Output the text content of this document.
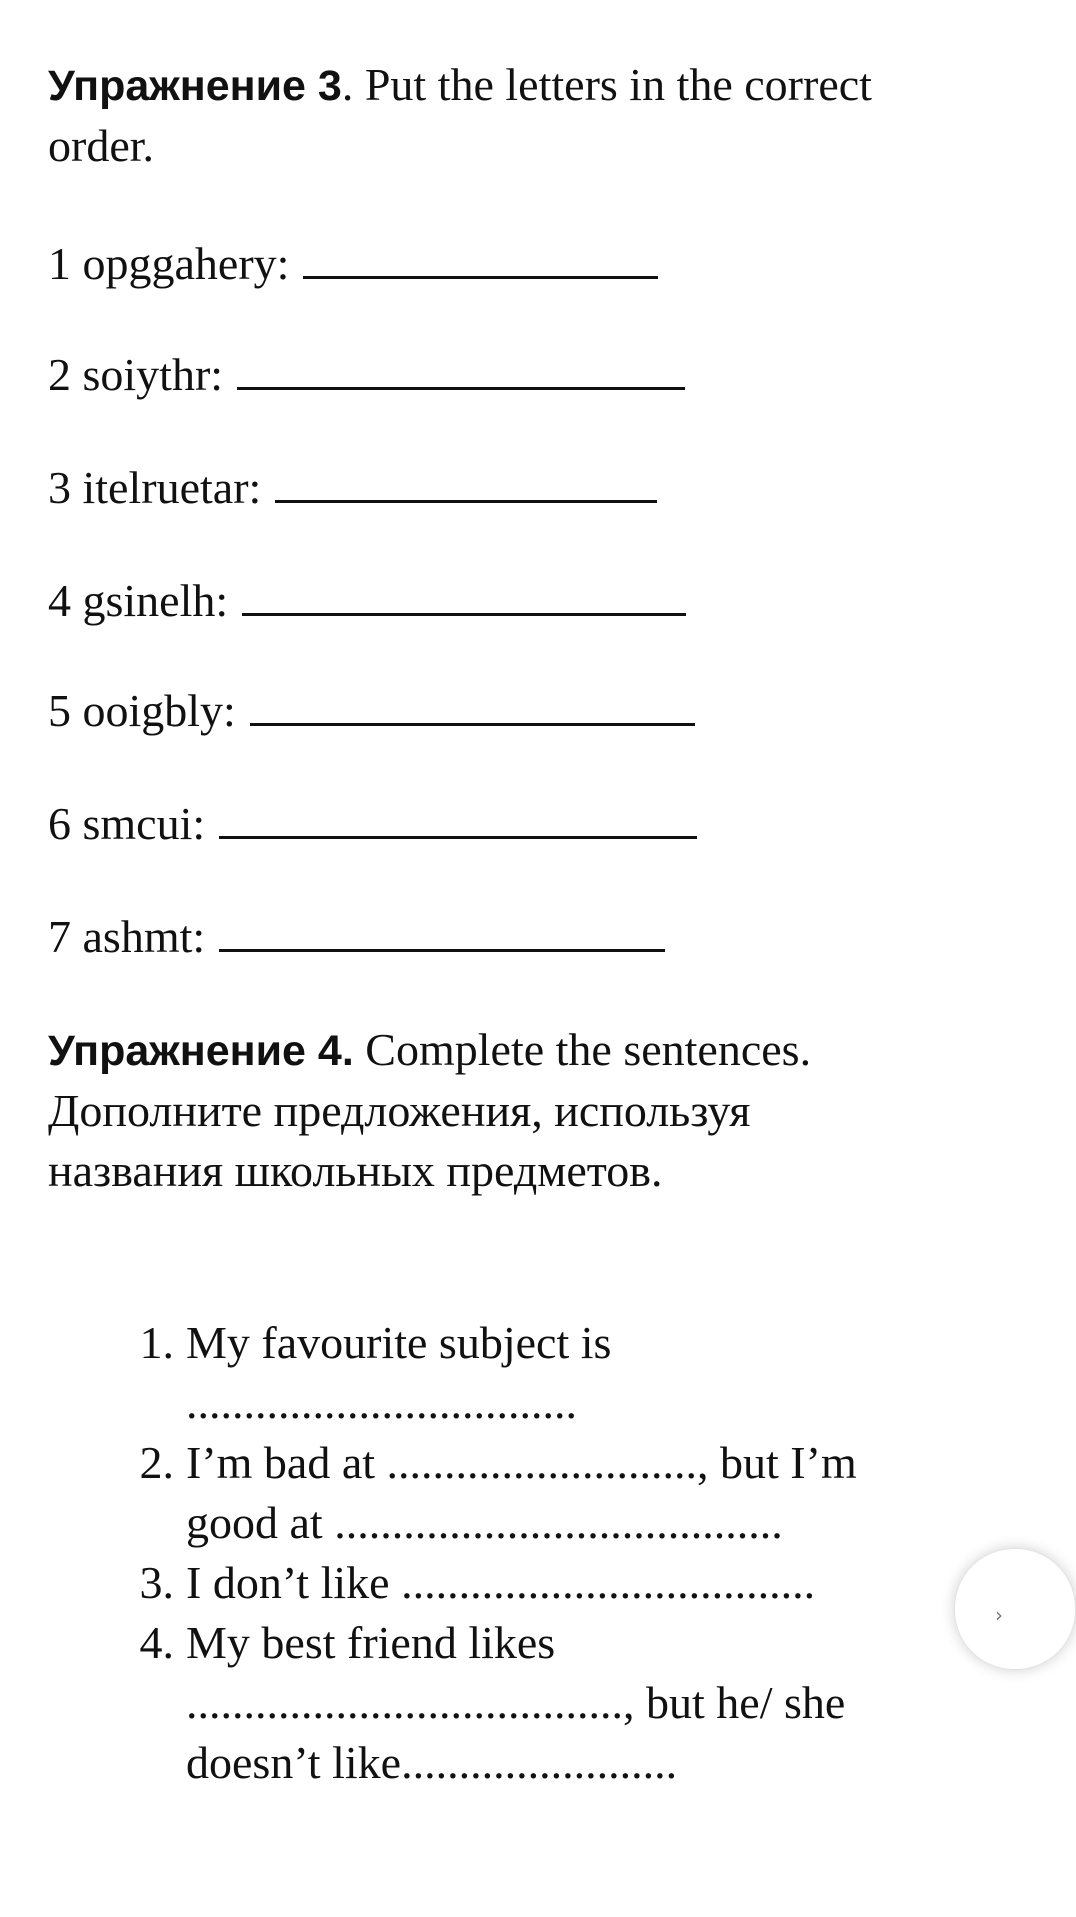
Упражнение 3. Put the letters in the correct order.
1 opggahery:
2 soiythr:
3 itelruetar:
4 gsinelh:
5 ooigbly:
6 smcui:
7 ashmt:
Упражнение 4. Complete the sentences. Дополните предложения, используя названия школьных предметов.
1. My favourite subject is ..................................
2. I’m bad at ..........................., but I’m good at .......................................
3. I don’t like ....................................
4. My best friend likes ......................................, but he/ she doesn’t like........................
›
